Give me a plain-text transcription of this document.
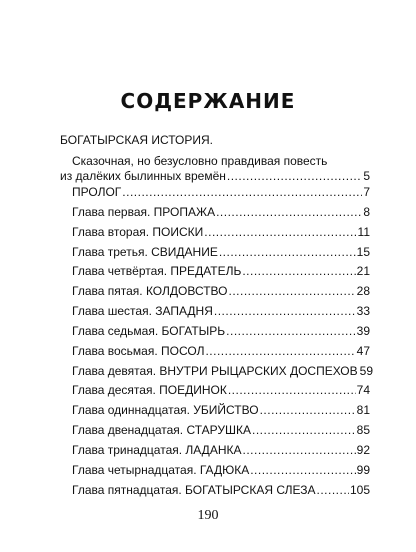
СОДЕРЖАНИЕ
БОГАТЫРСКАЯ ИСТОРИЯ.
Сказочная, но безусловно правдивая повесть
из далёких былинных времён .....	5
ПРОЛОГ .....	7
Глава первая. ПРОПАЖА .....	8
Глава вторая. ПОИСКИ .....	11
Глава третья. СВИДАНИЕ .....	15
Глава четвёртая. ПРЕДАТЕЛЬ .....	21
Глава пятая. КОЛДОВСТВО .....	28
Глава шестая. ЗАПАДНЯ .....	33
Глава седьмая. БОГАТЫРЬ .....	39
Глава восьмая. ПОСОЛ .....	47
Глава девятая. ВНУТРИ РЫЦАРСКИХ ДОСПЕХОВ 59
Глава десятая. ПОЕДИНОК .....	74
Глава одиннадцатая. УБИЙСТВО .....	81
Глава двенадцатая. СТАРУШКА .....	85
Глава тринадцатая. ЛАДАНКА .....	92
Глава четырнадцатая. ГАДЮКА .....	99
Глава пятнадцатая. БОГАТЫРСКАЯ СЛЕЗА .....	105
190
